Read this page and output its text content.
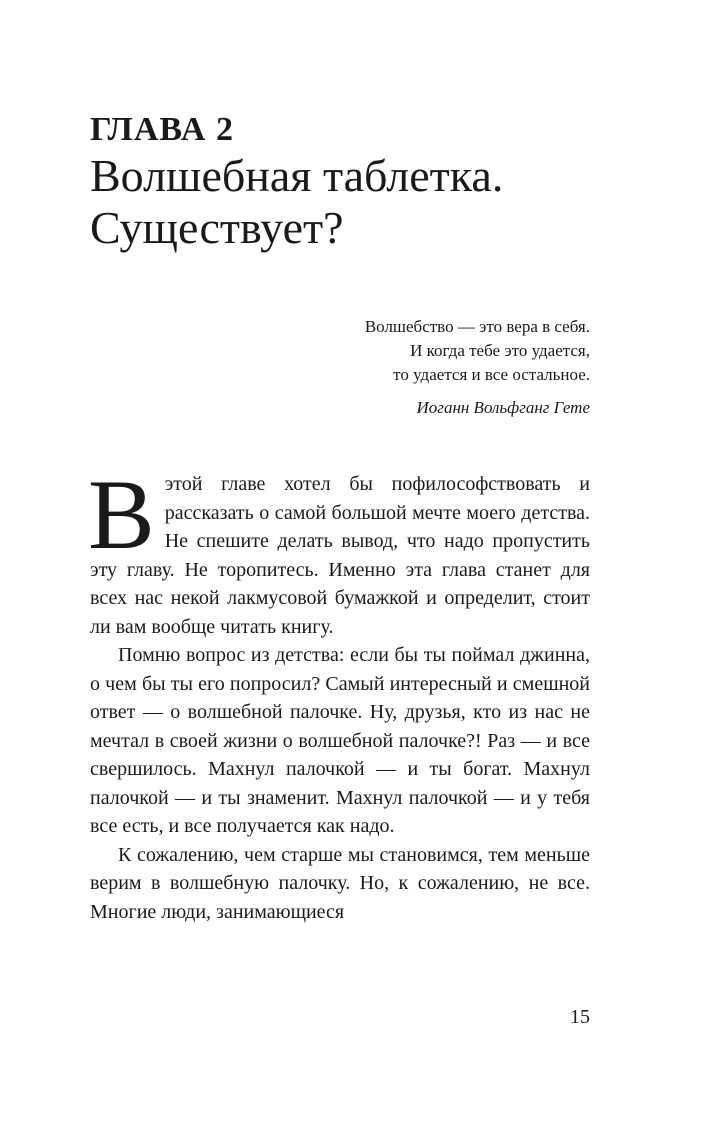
ГЛАВА 2
Волшебная таблетка.
Существует?
Волшебство — это вера в себя.
И когда тебе это удается,
то удается и все остальное.
Иоганн Вольфганг Гете

Вэтой главе хотел бы пофилософствовать и рассказать о самой большой мечте моего детства. Не спешите делать вывод, что надо пропустить эту главу. Не торопитесь. Именно эта глава станет для всех нас некой лакмусовой бумажкой и определит, стоит ли вам вообще читать книгу.

Помню вопрос из детства: если бы ты поймал джинна, о чем бы ты его попросил? Самый интересный и смешной ответ — о волшебной палочке. Ну, друзья, кто из нас не мечтал в своей жизни о волшебной палочке?! Раз — и все свершилось. Махнул палочкой — и ты богат. Махнул палочкой — и ты знаменит. Махнул палочкой — и у тебя все есть, и все получается как надо.

К сожалению, чем старше мы становимся, тем меньше верим в волшебную палочку. Но, к сожалению, не все. Многие люди, занимающиеся

15
